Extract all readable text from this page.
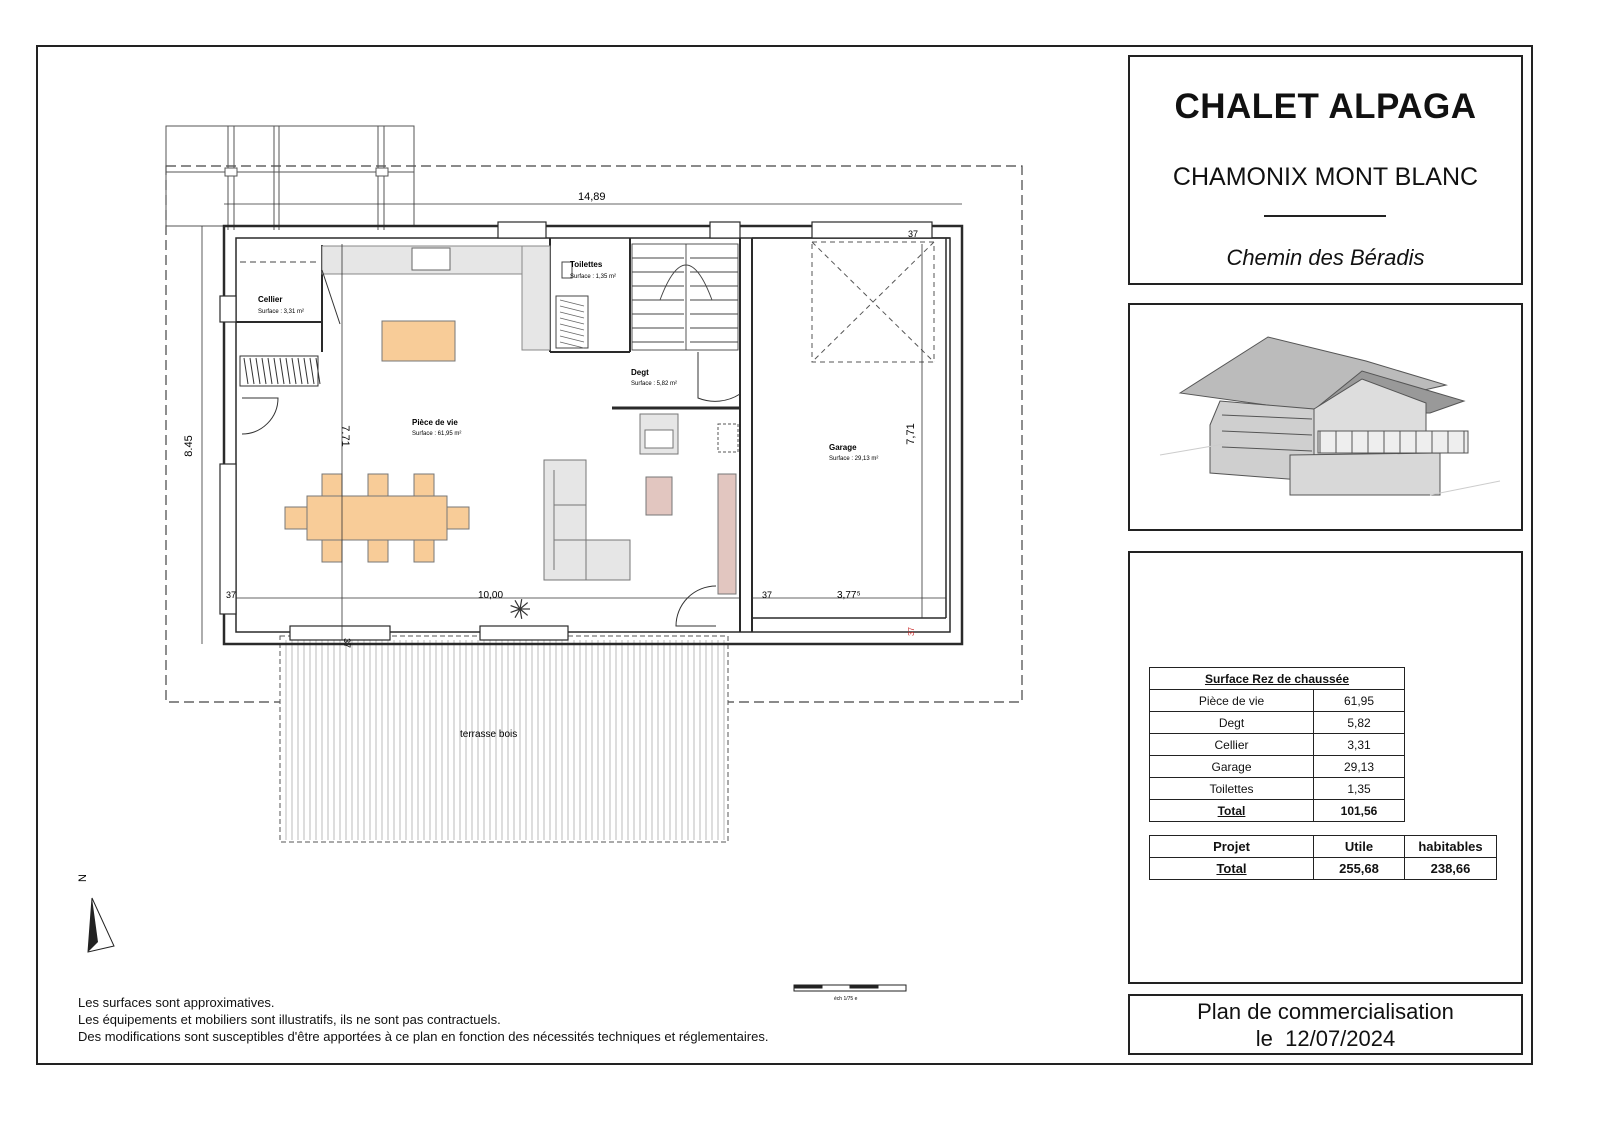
Cellier
Surface : 3,31 m²
Toilettes
Surface : 1,35 m²
Degt
Surface : 5,82 m²
Pièce de vie
Surface : 61,95 m²
Garage
Surface : 29,13 m²
terrasse bois
14,89
8.45	7.71	7,71
10,00	3,77⁵
37	37
37
37
37
N
éch 1/75 e
CHALET ALPAGA
CHAMONIX MONT BLANC
Chemin des Béradis
Surface Rez de chaussée	
Pièce de vie	61,95
Degt	5,82
Cellier	3,31
Garage	29,13
Toilettes	1,35
Total	101,56
Projet	Utile	habitables
Total	255,68	238,66
Plan de commercialisation
le 12/07/2024
Les surfaces sont approximatives.
Les équipements et mobiliers sont illustratifs, ils ne sont pas contractuels.
Des modifications sont susceptibles d'être apportées à ce plan en fonction des nécessités techniques et réglementaires.
